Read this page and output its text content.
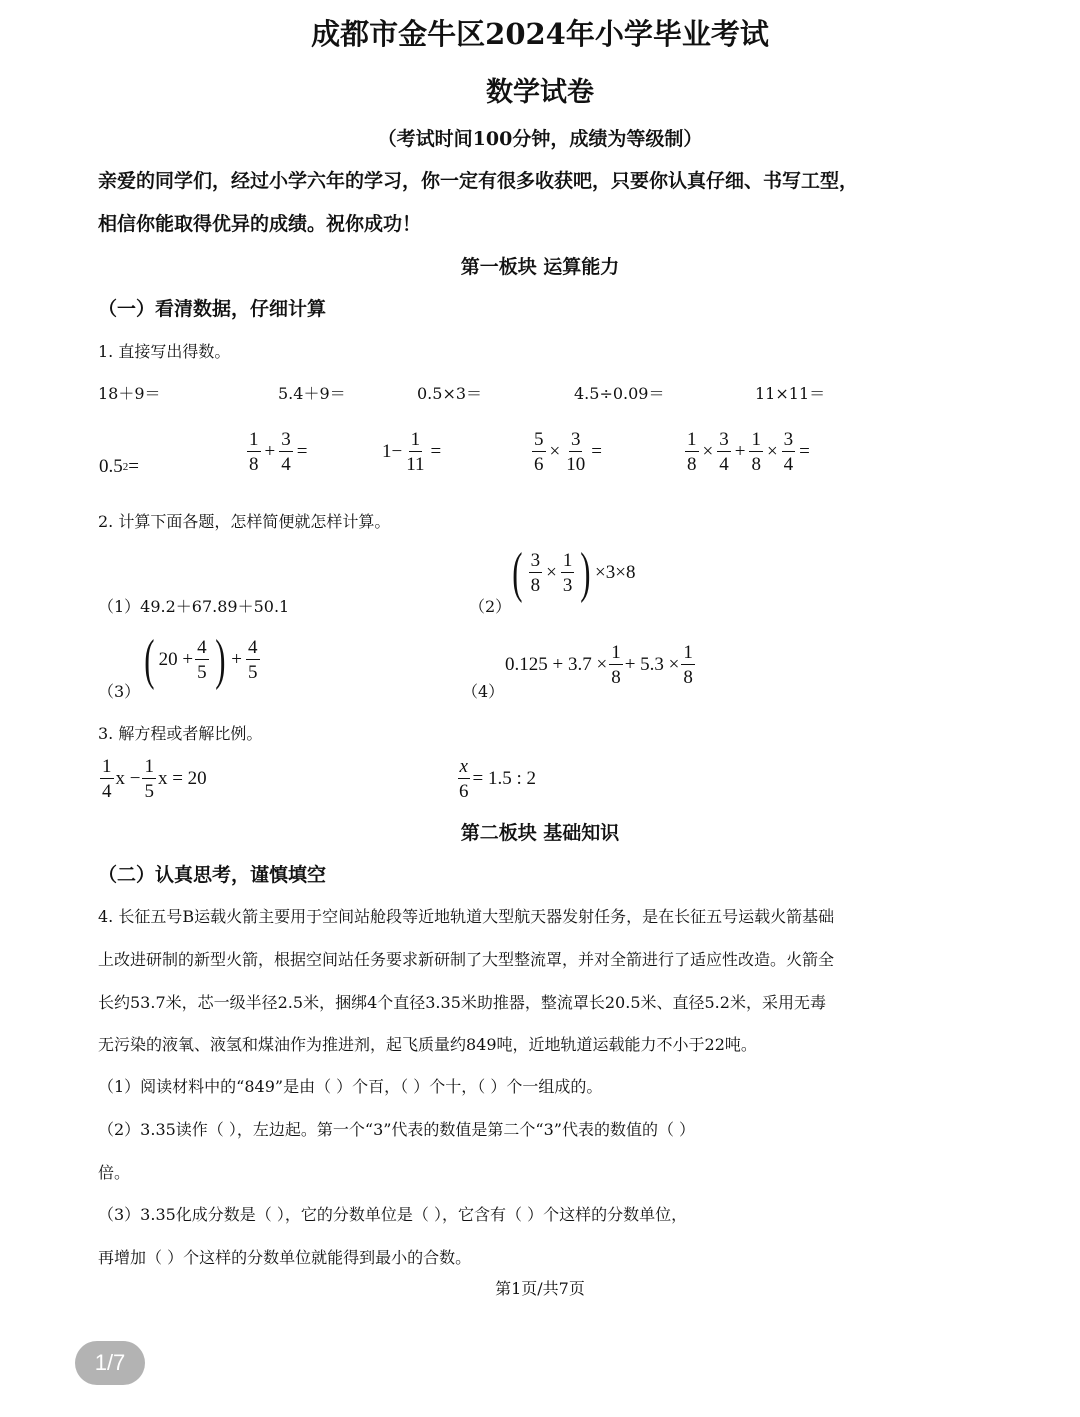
成都市金牛区2024年小学毕业考试
数学试卷
（考试时间100分钟，成绩为等级制）
亲爱的同学们，经过小学六年的学习，你一定有很多收获吧，只要你认真仔细、书写工型，
相信你能取得优异的成绩。祝你成功！
第一板块 运算能力
（一）看清数据，仔细计算
1. 直接写出得数。
18＋9＝	5.4＋9＝	0.5×3＝	4.5÷0.09＝	11×11＝
0.5 2 =	$\frac{1}{8} + \frac{3}{4}$ =	$1- \frac{1}{11}$ =	$\frac{5}{6} \times \frac{3}{10}$ =	$\frac{1}{8} \times \frac{3}{4} + \frac{1}{8} \times \frac{3}{4}$ =
2. 计算下面各题，怎样简便就怎样计算。
（1）49.2＋67.89＋50.1	（2）
( $\frac{3}{8} \times \frac{1}{3}$ ) ×3×8
（3）
( $20 + \frac{4}{5}$ ) + $\frac{4}{5}$
（4）
$0.125 + 3.7 \times \frac{1}{8} + 5.3 \times \frac{1}{8}$
3. 解方程或者解比例。
$\frac{1}{4}$ $x - \frac{1}{5}$ x = 20	$\frac{x}{6} = 1.5$ : 2
第二板块 基础知识
（二）认真思考，谨慎填空
4. 长征五号B运载火箭主要用于空间站舱段等近地轨道大型航天器发射任务，是在长征五号运载火箭基础
上改进研制的新型火箭，根据空间站任务要求新研制了大型整流罩，并对全箭进行了适应性改造。火箭全
长约53.7米，芯一级半径2.5米，捆绑4个直径3.35米助推器，整流罩长20.5米、直径5.2米，采用无毒
无污染的液氧、液氢和煤油作为推进剂，起飞质量约849吨，近地轨道运载能力不小于22吨。
（1）阅读材料中的“849”是由（ ）个百，（ ）个十，（ ）个一组成的。
（2）3.35读作（ ），左边起。第一个“3”代表的数值是第二个“3”代表的数值的（ ）
倍。
（3）3.35化成分数是（ ），它的分数单位是（ ），它含有（ ）个这样的分数单位，
再增加（ ）个这样的分数单位就能得到最小的合数。
第1页/共7页
1/7
